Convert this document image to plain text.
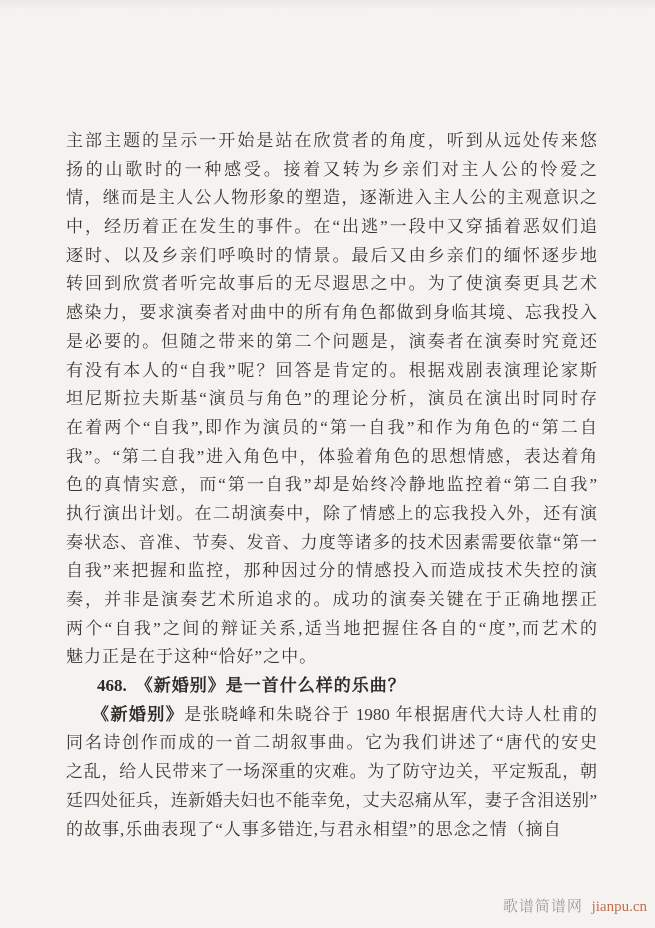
主部主题的呈示一开始是站在欣赏者的角度，听到从远处传来悠
扬的山歌时的一种感受。接着又转为乡亲们对主人公的怜爱之
情，继而是主人公人物形象的塑造，逐渐进入主人公的主观意识之
中，经历着正在发生的事件。在“出逃”一段中又穿插着恶奴们追
逐时、以及乡亲们呼唤时的情景。最后又由乡亲们的缅怀逐步地
转回到欣赏者听完故事后的无尽遐思之中。为了使演奏更具艺术
感染力，要求演奏者对曲中的所有角色都做到身临其境、忘我投入
是必要的。但随之带来的第二个问题是，演奏者在演奏时究竟还
有没有本人的“自我”呢？回答是肯定的。根据戏剧表演理论家斯
坦尼斯拉夫斯基“演员与角色”的理论分析，演员在演出时同时存
在着两个“自我”,即作为演员的“第一自我”和作为角色的“第二自
我”。“第二自我”进入角色中，体验着角色的思想情感，表达着角
色的真情实意，而“第一自我”却是始终冷静地监控着“第二自我”
执行演出计划。在二胡演奏中，除了情感上的忘我投入外，还有演
奏状态、音准、节奏、发音、力度等诸多的技术因素需要依靠“第一
自我”来把握和监控，那种因过分的情感投入而造成技术失控的演
奏，并非是演奏艺术所追求的。成功的演奏关键在于正确地摆正
两个“自我”之间的辩证关系,适当地把握住各自的“度”,而艺术的
魅力正是在于这种“恰好”之中。
468. 《新婚别》是一首什么样的乐曲？
《新婚别》是张晓峰和朱晓谷于 1980 年根据唐代大诗人杜甫的
同名诗创作而成的一首二胡叙事曲。它为我们讲述了“唐代的安史
之乱，给人民带来了一场深重的灾难。为了防守边关，平定叛乱，朝
廷四处征兵，连新婚夫妇也不能幸免，丈夫忍痛从军，妻子含泪送别”
的故事,乐曲表现了“人事多错迕,与君永相望”的思念之情（摘自
歌谱简谱网 jianpu.cn
